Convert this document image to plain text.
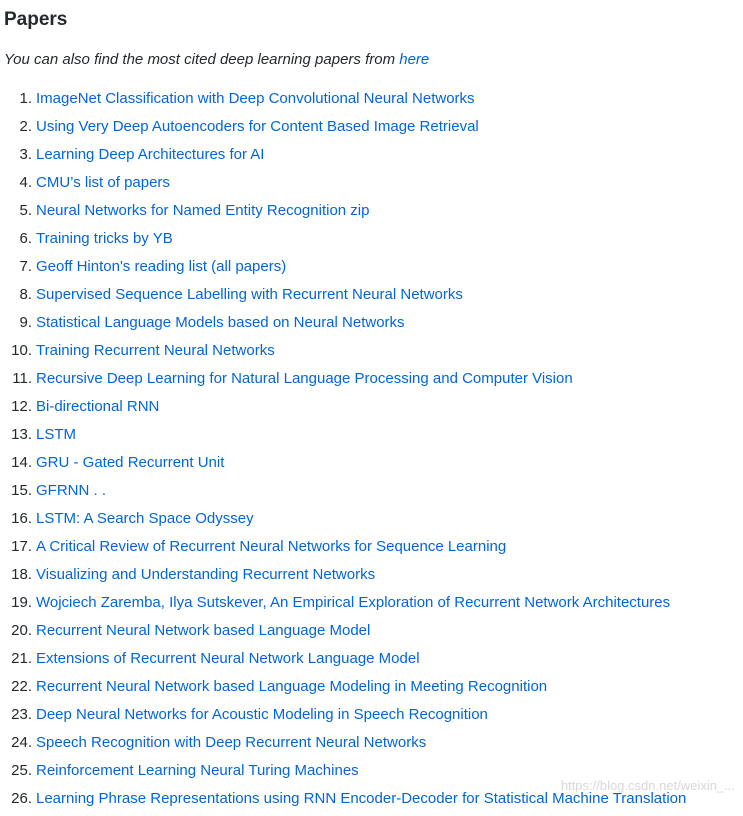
Papers

You can also find the most cited deep learning papers from here

1. ImageNet Classification with Deep Convolutional Neural Networks
2. Using Very Deep Autoencoders for Content Based Image Retrieval
3. Learning Deep Architectures for AI
4. CMU’s list of papers
5. Neural Networks for Named Entity Recognition zip
6. Training tricks by YB
7. Geoff Hinton's reading list (all papers)
8. Supervised Sequence Labelling with Recurrent Neural Networks
9. Statistical Language Models based on Neural Networks
10. Training Recurrent Neural Networks
11. Recursive Deep Learning for Natural Language Processing and Computer Vision
12. Bi-directional RNN
13. LSTM
14. GRU - Gated Recurrent Unit
15. GFRNN . .
16. LSTM: A Search Space Odyssey
17. A Critical Review of Recurrent Neural Networks for Sequence Learning
18. Visualizing and Understanding Recurrent Networks
19. Wojciech Zaremba, Ilya Sutskever, An Empirical Exploration of Recurrent Network Architectures
20. Recurrent Neural Network based Language Model
21. Extensions of Recurrent Neural Network Language Model
22. Recurrent Neural Network based Language Modeling in Meeting Recognition
23. Deep Neural Networks for Acoustic Modeling in Speech Recognition
24. Speech Recognition with Deep Recurrent Neural Networks
25. Reinforcement Learning Neural Turing Machines
26. Learning Phrase Representations using RNN Encoder-Decoder for Statistical Machine Translation
https://blog.csdn.net/weixin_...
